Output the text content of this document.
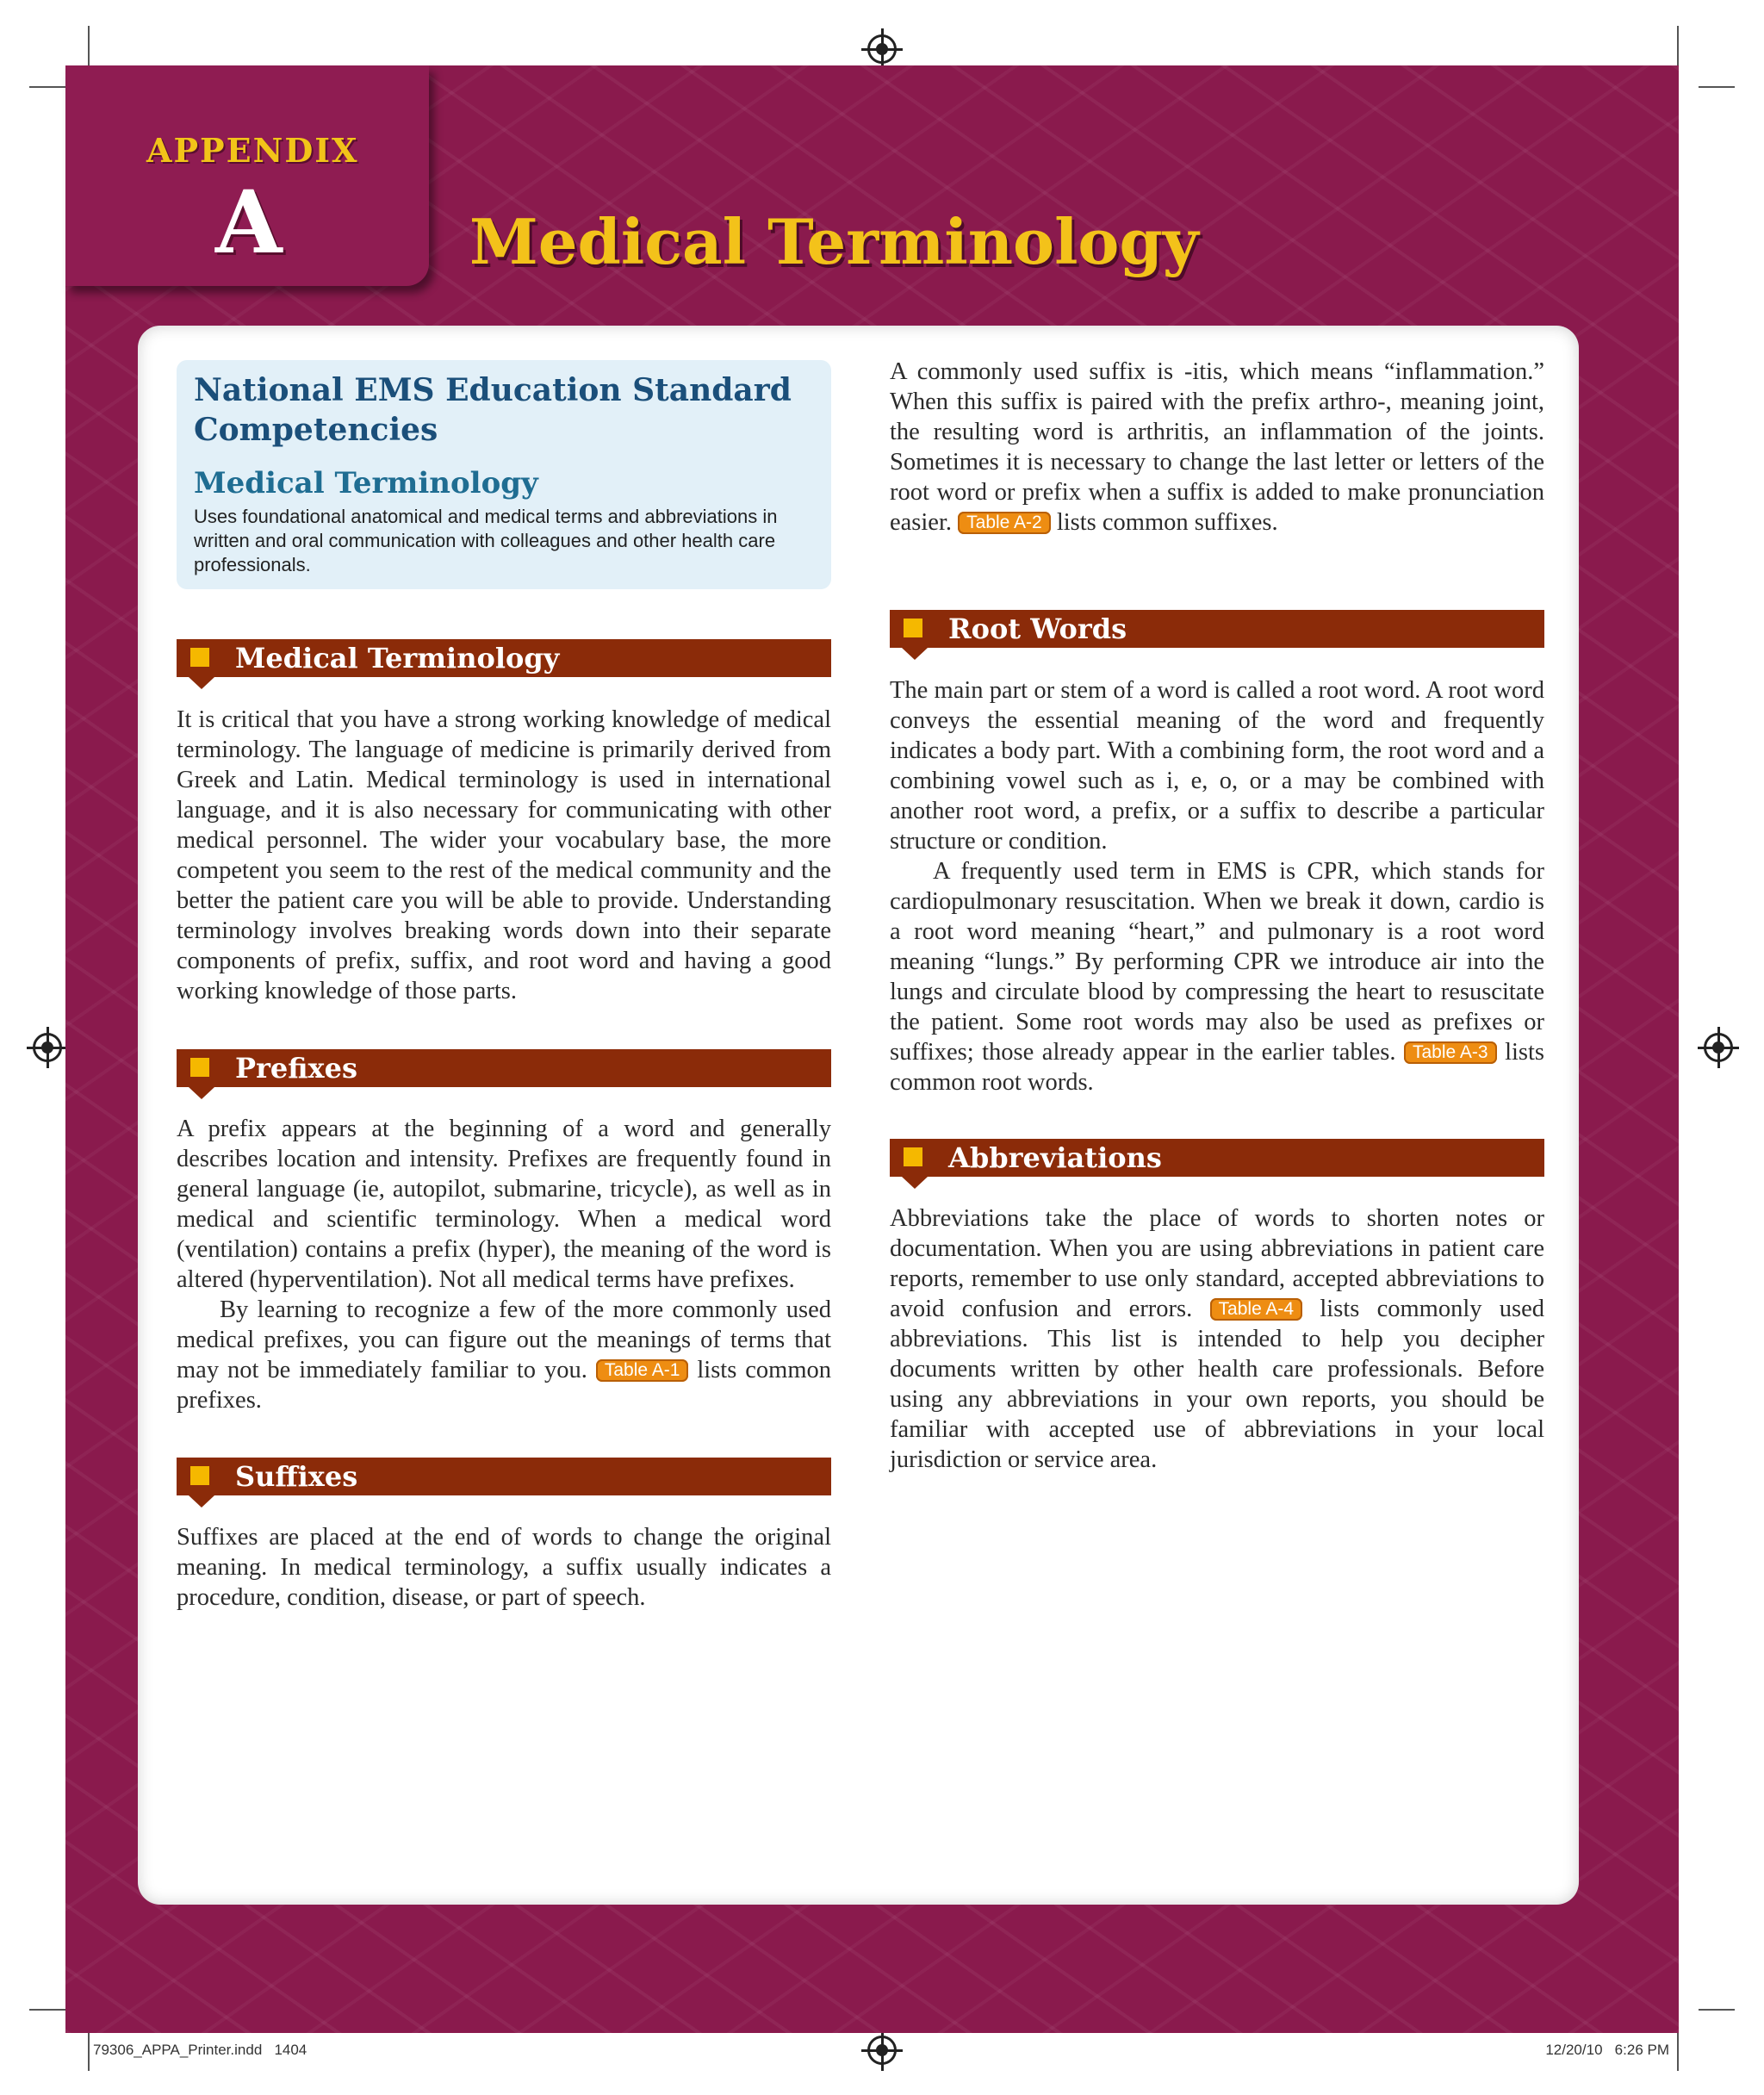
APPENDIX
A	Medical Terminology
National EMS Education Standard Competencies
Medical Terminology
Uses foundational anatomical and medical terms and abbreviations in written and oral communication with colleagues and other health care professionals.
Medical Terminology

It is critical that you have a strong working knowledge of medical terminology. The language of medicine is primarily derived from Greek and Latin. Medical terminology is used in international language, and it is also necessary for communicating with other medical personnel. The wider your vocabulary base, the more competent you seem to the rest of the medical community and the better the patient care you will be able to provide. Understanding terminology involves breaking words down into their separate components of prefix, suffix, and root word and having a good working knowledge of those parts.

Prefixes

A prefix appears at the beginning of a word and generally describes location and intensity. Prefixes are frequently found in general language (ie, autopilot, submarine, tricycle), as well as in medical and scientific terminology. When a medical word (ventilation) contains a prefix (hyper), the meaning of the word is altered (hyperventilation). Not all medical terms have prefixes.

By learning to recognize a few of the more commonly used medical prefixes, you can figure out the meanings of terms that may not be immediately familiar to you. Table A-1 lists common prefixes.

Suffixes

Suffixes are placed at the end of words to change the original meaning. In medical terminology, a suffix usually indicates a procedure, condition, disease, or part of speech.

A commonly used suffix is -itis, which means “inflammation.” When this suffix is paired with the prefix arthro-, meaning joint, the resulting word is arthritis, an inflammation of the joints. Sometimes it is necessary to change the last letter or letters of the root word or prefix when a suffix is added to make pronunciation easier. Table A-2 lists common suffixes.

Root Words

The main part or stem of a word is called a root word. A root word conveys the essential meaning of the word and frequently indicates a body part. With a combining form, the root word and a combining vowel such as i, e, o, or a may be combined with another root word, a prefix, or a suffix to describe a particular structure or condition.

A frequently used term in EMS is CPR, which stands for cardiopulmonary resuscitation. When we break it down, cardio is a root word meaning “heart,” and pulmonary is a root word meaning “lungs.” By performing CPR we introduce air into the lungs and circulate blood by compressing the heart to resuscitate the patient. Some root words may also be used as prefixes or suffixes; those already appear in the earlier tables. Table A-3 lists common root words.

Abbreviations

Abbreviations take the place of words to shorten notes or documentation. When you are using abbreviations in patient care reports, remember to use only standard, accepted abbreviations to avoid confusion and errors. Table A-4 lists commonly used abbreviations. This list is intended to help you decipher documents written by other health care professionals. Before using any abbreviations in your own reports, you should be familiar with accepted use of abbreviations in your local jurisdiction or service area.

79306_APPA_Printer.indd   1404	12/20/10   6:26 PM
